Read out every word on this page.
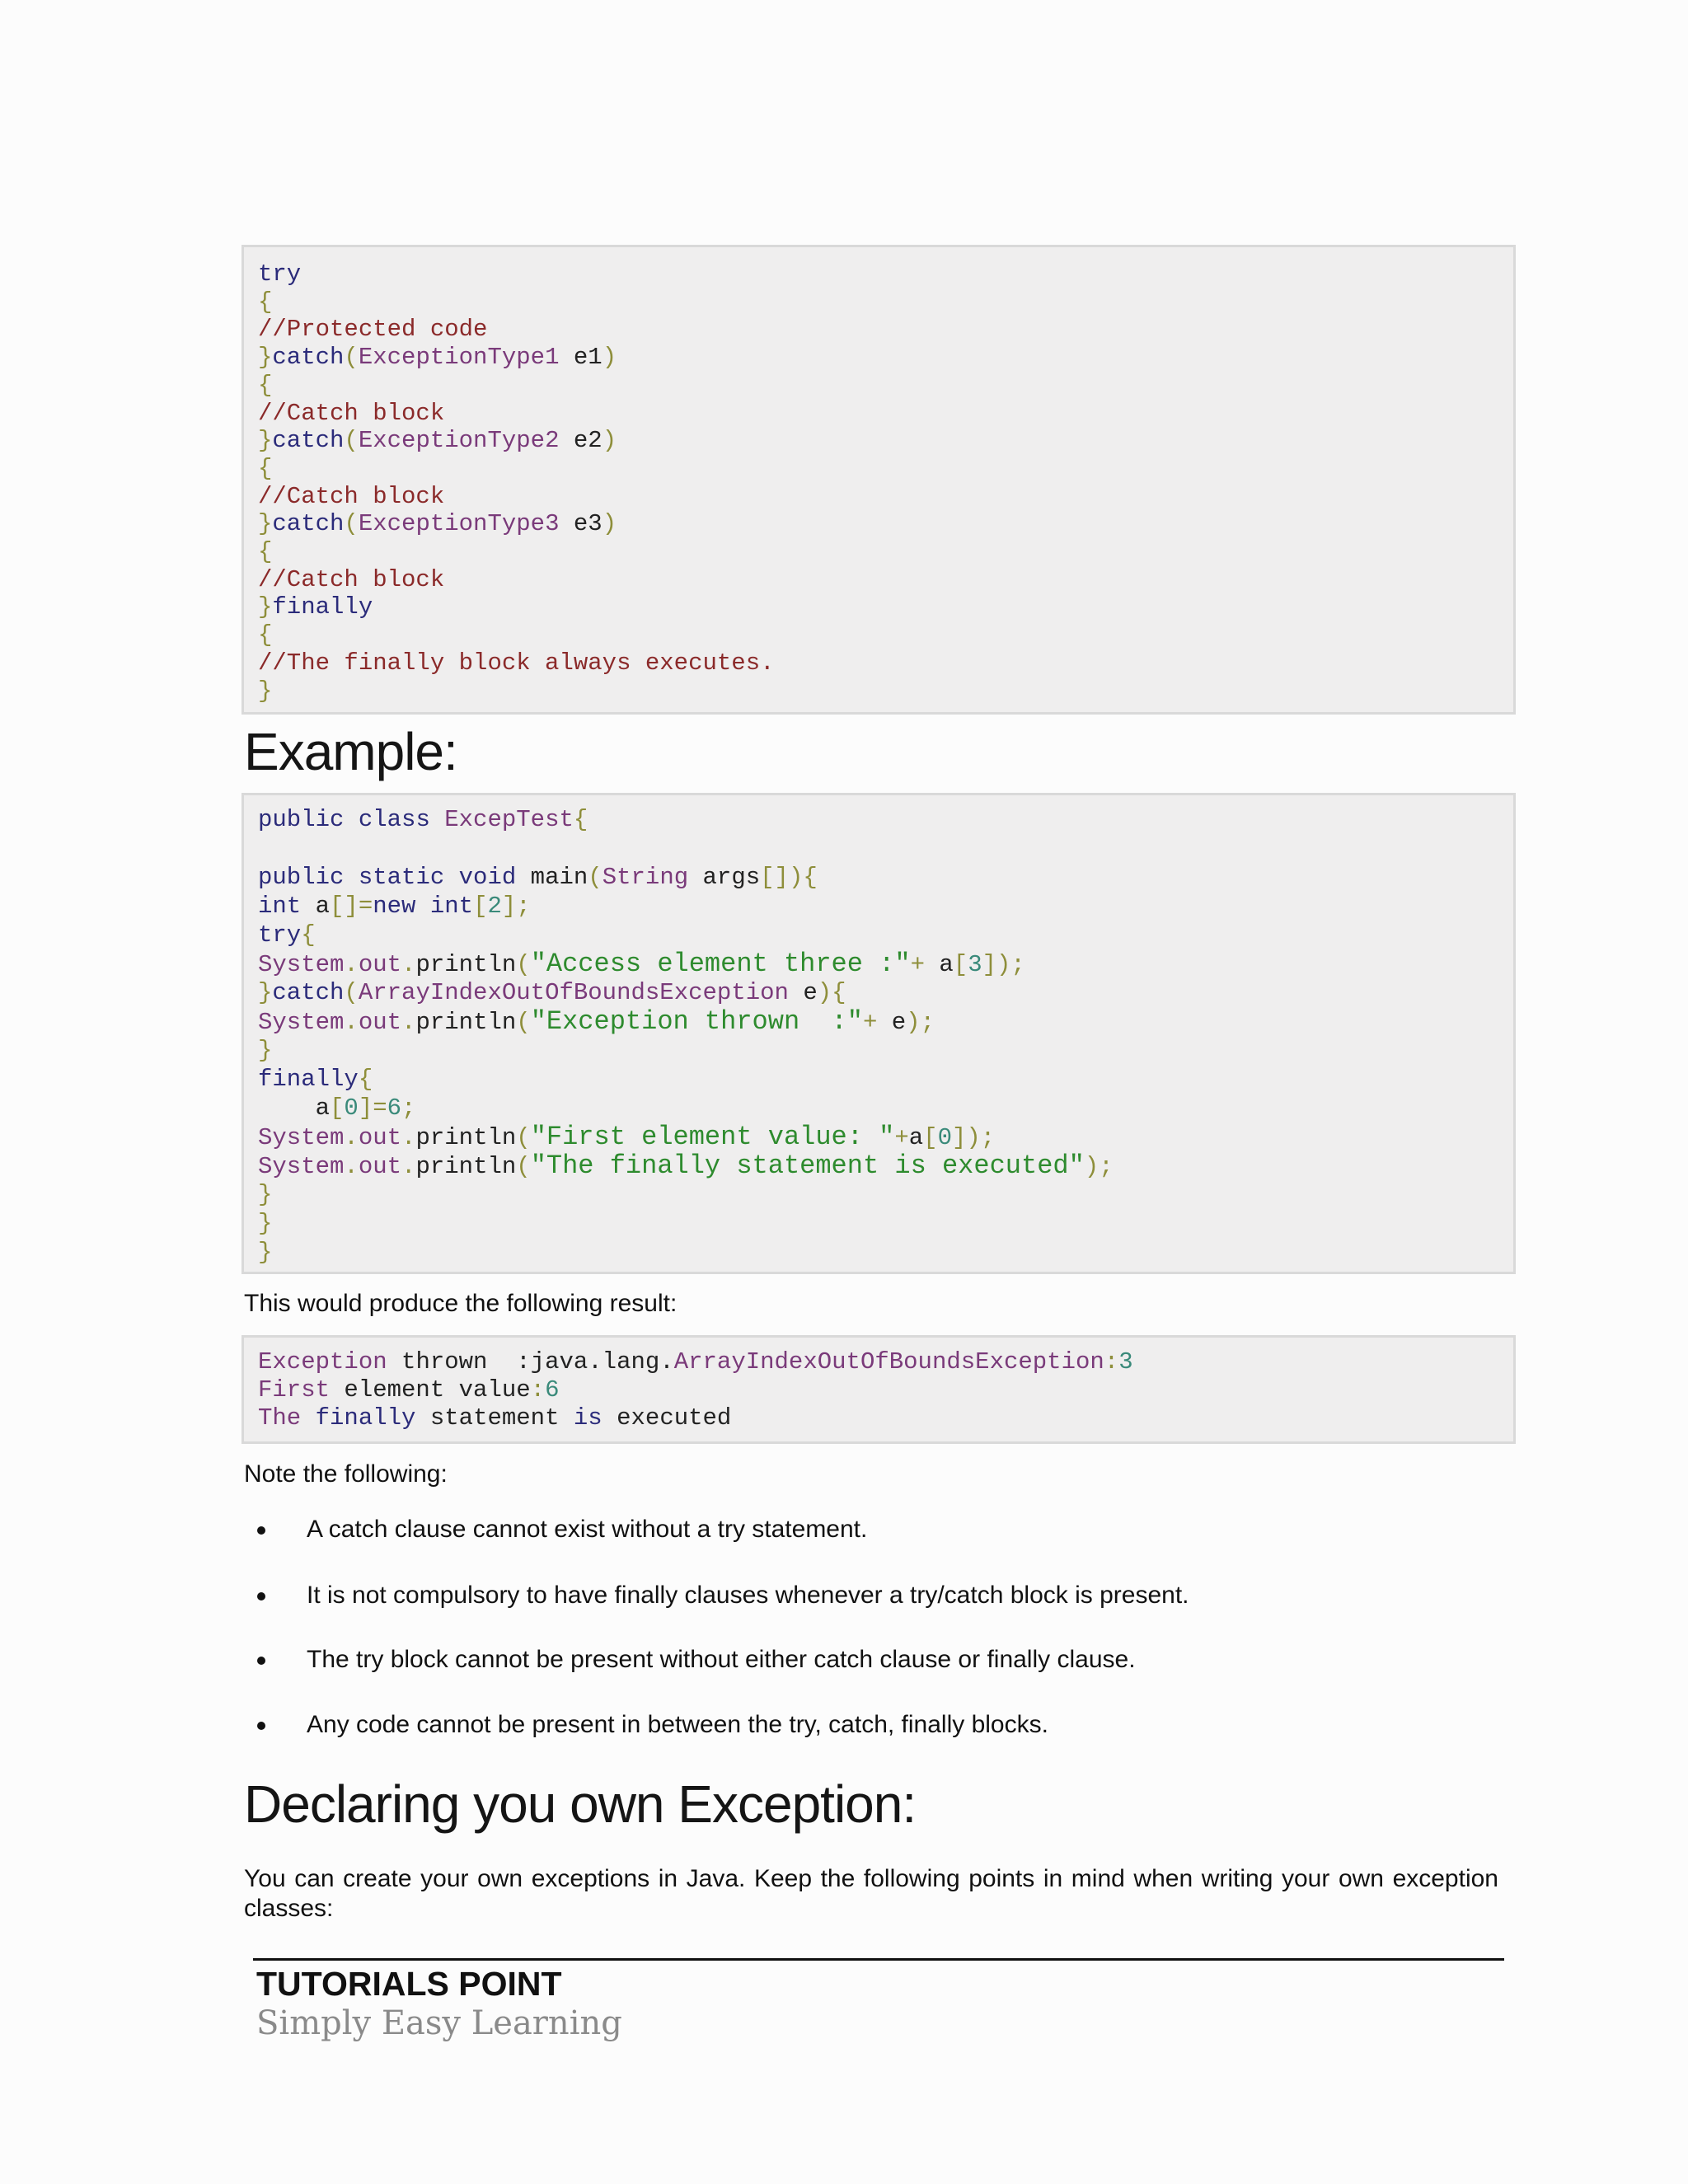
try
{
//Protected code
}catch(ExceptionType1 e1)
{
//Catch block
}catch(ExceptionType2 e2)
{
//Catch block
}catch(ExceptionType3 e3)
{
//Catch block
}finally
{
//The finally block always executes.
}
Example:
public class ExcepTest{
public static void main(String args[]){
int a[]=new int[2];
try{
System.out.println("Access element three :"+ a[3]);
}catch(ArrayIndexOutOfBoundsException e){
System.out.println("Exception thrown  :"+ e);
}
finally{
a[0]=6;
System.out.println("First element value: "+a[0]);
System.out.println("The finally statement is executed");
}
}
}
This would produce the following result:
Exception thrown  :java.lang.ArrayIndexOutOfBoundsException:3
First element value:6
The finally statement is executed
Note the following:
A catch clause cannot exist without a try statement.
It is not compulsory to have finally clauses whenever a try/catch block is present.
The try block cannot be present without either catch clause or finally clause.
Any code cannot be present in between the try, catch, finally blocks.
Declaring you own Exception:
You can create your own exceptions in Java. Keep the following points in mind when writing your own exception classes:
TUTORIALS POINT
Simply Easy Learning
